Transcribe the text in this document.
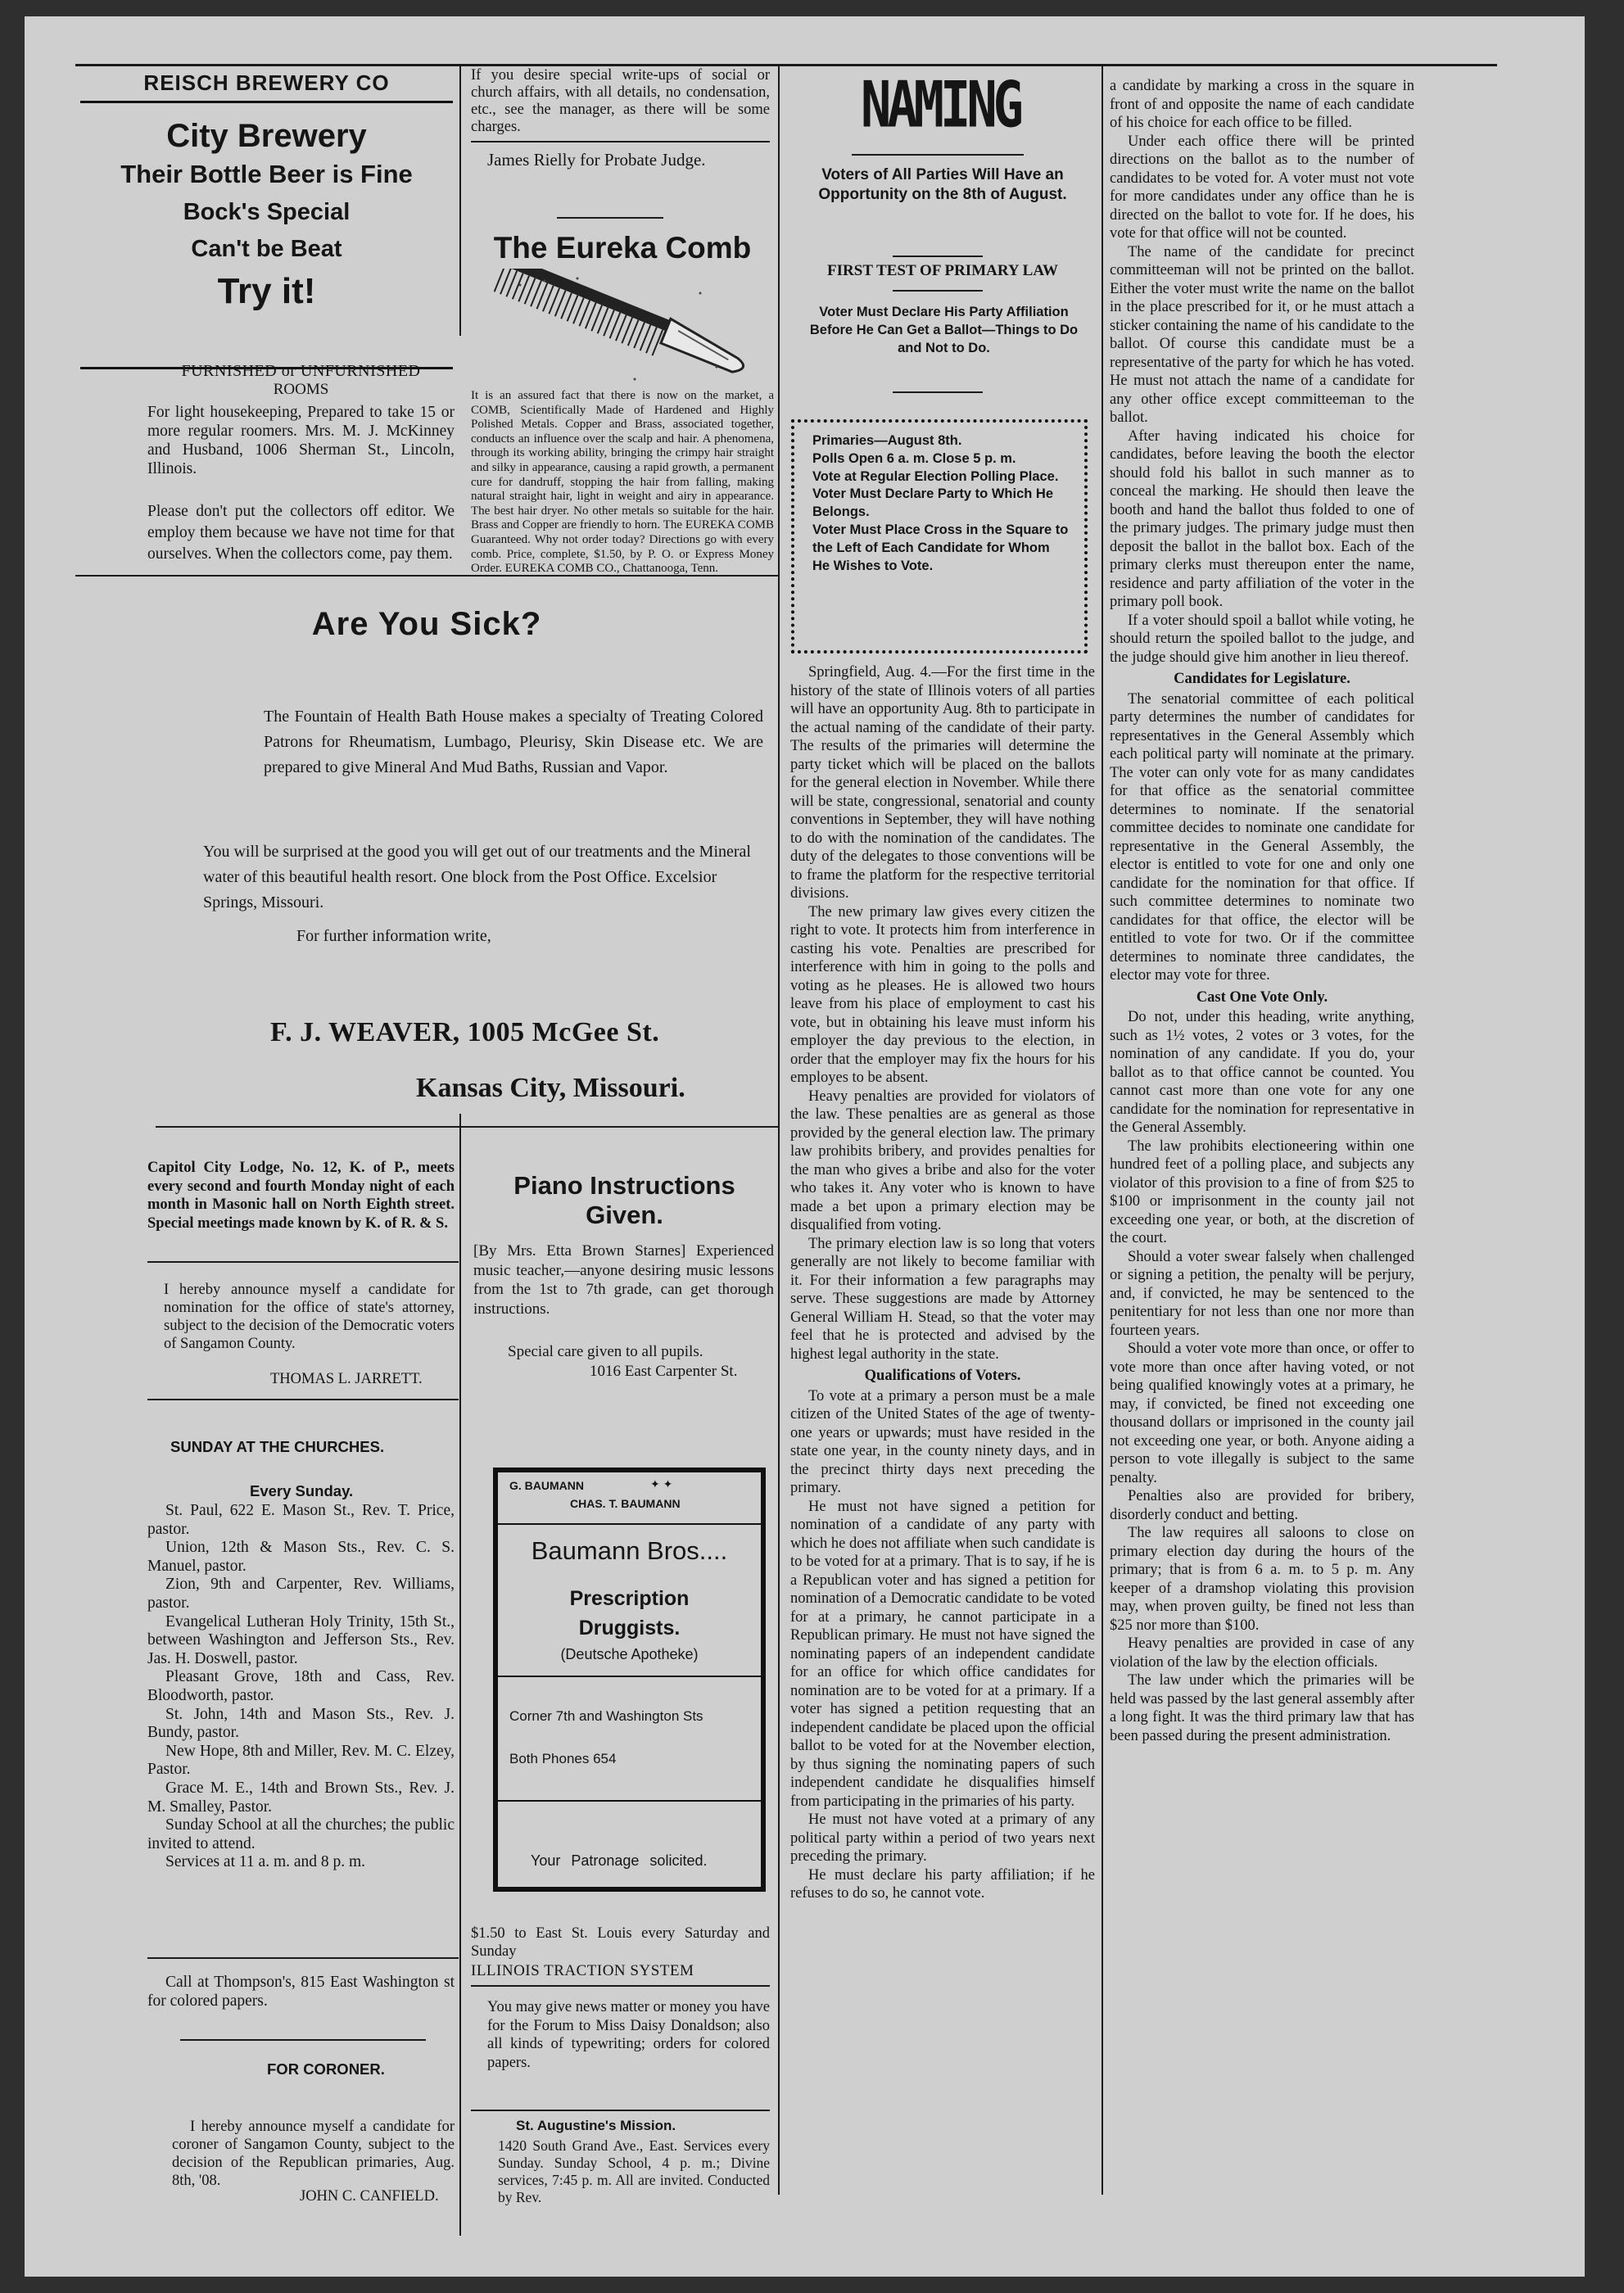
REISCH BREWERY CO
City Brewery
Their Bottle Beer is Fine
Bock's Special
Can't be Beat
Try it!
FURNISHED or UNFURNISHED
ROOMS
For light housekeeping, Prepared to take 15 or more regular roomers. Mrs. M. J. McKinney and Husband, 1006 Sherman St., Lincoln, Illinois.
Please don't put the collectors off editor. We employ them because we have not time for that ourselves. When the collectors come, pay them.
If you desire special write-ups of social or church affairs, with all details, no condensation, etc., see the manager, as there will be some charges.
James Rielly for Probate Judge.
The Eureka Comb
It is an assured fact that there is now on the market, a COMB, Scientifically Made of Hardened and Highly Polished Metals. Copper and Brass, associated together, conducts an influence over the scalp and hair. A phenomena, through its working ability, bringing the crimpy hair straight and silky in appearance, causing a rapid growth, a permanent cure for dandruff, stopping the hair from falling, making natural straight hair, light in weight and airy in appearance. The best hair dryer. No other metals so suitable for the hair. Brass and Copper are friendly to horn. The EUREKA COMB Guaranteed. Why not order today? Directions go with every comb. Price, complete, $1.50, by P. O. or Express Money Order. EUREKA COMB CO., Chattanooga, Tenn.
Are You Sick?
The Fountain of Health Bath House makes a specialty of Treating Colored Patrons for Rheumatism, Lumbago, Pleurisy, Skin Disease etc. We are prepared to give Mineral And Mud Baths, Russian and Vapor.
You will be surprised at the good you will get out of our treatments and the Mineral water of this beautiful health resort. One block from the Post Office. Excelsior Springs, Missouri.
For further information write,
F. J. WEAVER, 1005 McGee St.
Kansas City, Missouri.
Capitol City Lodge, No. 12, K. of P., meets every second and fourth Monday night of each month in Masonic hall on North Eighth street. Special meetings made known by K. of R. & S.
I hereby announce myself a candidate for nomination for the office of state's attorney, subject to the decision of the Democratic voters of Sangamon County.
THOMAS L. JARRETT.
Piano Instructions
Given.
[By Mrs. Etta Brown Starnes] Experienced music teacher,—anyone desiring music lessons from the 1st to 7th grade, can get thorough instructions.
Special care given to all pupils.
1016 East Carpenter St.
SUNDAY AT THE CHURCHES.
Every Sunday.

St. Paul, 622 E. Mason St., Rev. T. Price, pastor.

Union, 12th & Mason Sts., Rev. C. S. Manuel, pastor.

Zion, 9th and Carpenter, Rev. Williams, pastor.

Evangelical Lutheran Holy Trinity, 15th St., between Washington and Jefferson Sts., Rev. Jas. H. Doswell, pastor.

Pleasant Grove, 18th and Cass, Rev. Bloodworth, pastor.

St. John, 14th and Mason Sts., Rev. J. Bundy, pastor.

New Hope, 8th and Miller, Rev. M. C. Elzey, Pastor.

Grace M. E., 14th and Brown Sts., Rev. J. M. Smalley, Pastor.

Sunday School at all the churches; the public invited to attend.

Services at 11 a. m. and 8 p. m.

Call at Thompson's, 815 East Washington st for colored papers.

FOR CORONER.

I hereby announce myself a candidate for coroner of Sangamon County, subject to the decision of the Republican primaries, Aug. 8th, '08.

JOHN C. CANFIELD.
G. BAUMANN	✦ ✦
CHAS. T. BAUMANN
Baumann Bros....
Prescription
Druggists.
(Deutsche Apotheke)
Corner 7th and Washington Sts
Both Phones 654
Your Patronage solicited.
$1.50 to East St. Louis every Saturday and Sunday
ILLINOIS TRACTION SYSTEM
You may give news matter or money you have for the Forum to Miss Daisy Donaldson; also all kinds of typewriting; orders for colored papers.
St. Augustine's Mission.
1420 South Grand Ave., East. Services every Sunday. Sunday School, 4 p. m.; Divine services, 7:45 p. m. All are invited. Conducted by Rev.
NAMING
Voters of All Parties Will Have an Opportunity on the 8th of August.
FIRST TEST OF PRIMARY LAW
Voter Must Declare His Party Affiliation Before He Can Get a Ballot—Things to Do and Not to Do.
Primaries—August 8th.
Polls Open 6 a. m. Close 5 p. m.
Vote at Regular Election Polling Place.
Voter Must Declare Party to Which He Belongs.
Voter Must Place Cross in the Square to the Left of Each Candidate for Whom He Wishes to Vote.

Springfield, Aug. 4.—For the first time in the history of the state of Illinois voters of all parties will have an opportunity Aug. 8th to participate in the actual naming of the candidate of their party. The results of the primaries will determine the party ticket which will be placed on the ballots for the general election in November. While there will be state, congressional, senatorial and county conventions in September, they will have nothing to do with the nomination of the candidates. The duty of the delegates to those conventions will be to frame the platform for the respective territorial divisions.

The new primary law gives every citizen the right to vote. It protects him from interference in casting his vote. Penalties are prescribed for interference with him in going to the polls and voting as he pleases. He is allowed two hours leave from his place of employment to cast his vote, but in obtaining his leave must inform his employer the day previous to the election, in order that the employer may fix the hours for his employes to be absent.

Heavy penalties are provided for violators of the law. These penalties are as general as those provided by the general election law. The primary law prohibits bribery, and provides penalties for the man who gives a bribe and also for the voter who takes it. Any voter who is known to have made a bet upon a primary election may be disqualified from voting.

The primary election law is so long that voters generally are not likely to become familiar with it. For their information a few paragraphs may serve. These suggestions are made by Attorney General William H. Stead, so that the voter may feel that he is protected and advised by the highest legal authority in the state.

Qualifications of Voters.

To vote at a primary a person must be a male citizen of the United States of the age of twenty-one years or upwards; must have resided in the state one year, in the county ninety days, and in the precinct thirty days next preceding the primary.

He must not have signed a petition for nomination of a candidate of any party with which he does not affiliate when such candidate is to be voted for at a primary. That is to say, if he is a Republican voter and has signed a petition for nomination of a Democratic candidate to be voted for at a primary, he cannot participate in a Republican primary. He must not have signed the nominating papers of an independent candidate for an office for which office candidates for nomination are to be voted for at a primary. If a voter has signed a petition requesting that an independent candidate be placed upon the official ballot to be voted for at the November election, by thus signing the nominating papers of such independent candidate he disqualifies himself from participating in the primaries of his party.

He must not have voted at a primary of any political party within a period of two years next preceding the primary.

He must declare his party affiliation; if he refuses to do so, he cannot vote.

a candidate by marking a cross in the square in front of and opposite the name of each candidate of his choice for each office to be filled.

Under each office there will be printed directions on the ballot as to the number of candidates to be voted for. A voter must not vote for more candidates under any office than he is directed on the ballot to vote for. If he does, his vote for that office will not be counted.

The name of the candidate for precinct committeeman will not be printed on the ballot. Either the voter must write the name on the ballot in the place prescribed for it, or he must attach a sticker containing the name of his candidate to the ballot. Of course this candidate must be a representative of the party for which he has voted. He must not attach the name of a candidate for any other office except committeeman to the ballot.

After having indicated his choice for candidates, before leaving the booth the elector should fold his ballot in such manner as to conceal the marking. He should then leave the booth and hand the ballot thus folded to one of the primary judges. The primary judge must then deposit the ballot in the ballot box. Each of the primary clerks must thereupon enter the name, residence and party affiliation of the voter in the primary poll book.

If a voter should spoil a ballot while voting, he should return the spoiled ballot to the judge, and the judge should give him another in lieu thereof.

Candidates for Legislature.

The senatorial committee of each political party determines the number of candidates for representatives in the General Assembly which each political party will nominate at the primary. The voter can only vote for as many candidates for that office as the senatorial committee determines to nominate. If the senatorial committee decides to nominate one candidate for representative in the General Assembly, the elector is entitled to vote for one and only one candidate for the nomination for that office. If such committee determines to nominate two candidates for that office, the elector will be entitled to vote for two. Or if the committee determines to nominate three candidates, the elector may vote for three.

Cast One Vote Only.

Do not, under this heading, write anything, such as 1½ votes, 2 votes or 3 votes, for the nomination of any candidate. If you do, your ballot as to that office cannot be counted. You cannot cast more than one vote for any one candidate for the nomination for representative in the General Assembly.

The law prohibits electioneering within one hundred feet of a polling place, and subjects any violator of this provision to a fine of from $25 to $100 or imprisonment in the county jail not exceeding one year, or both, at the discretion of the court.

Should a voter swear falsely when challenged or signing a petition, the penalty will be perjury, and, if convicted, he may be sentenced to the penitentiary for not less than one nor more than fourteen years.

Should a voter vote more than once, or offer to vote more than once after having voted, or not being qualified knowingly votes at a primary, he may, if convicted, be fined not exceeding one thousand dollars or imprisoned in the county jail not exceeding one year, or both. Anyone aiding a person to vote illegally is subject to the same penalty.

Penalties also are provided for bribery, disorderly conduct and betting.

The law requires all saloons to close on primary election day during the hours of the primary; that is from 6 a. m. to 5 p. m. Any keeper of a dramshop violating this provision may, when proven guilty, be fined not less than $25 nor more than $100.

Heavy penalties are provided in case of any violation of the law by the election officials.

The law under which the primaries will be held was passed by the last general assembly after a long fight. It was the third primary law that has been passed during the present administration.
